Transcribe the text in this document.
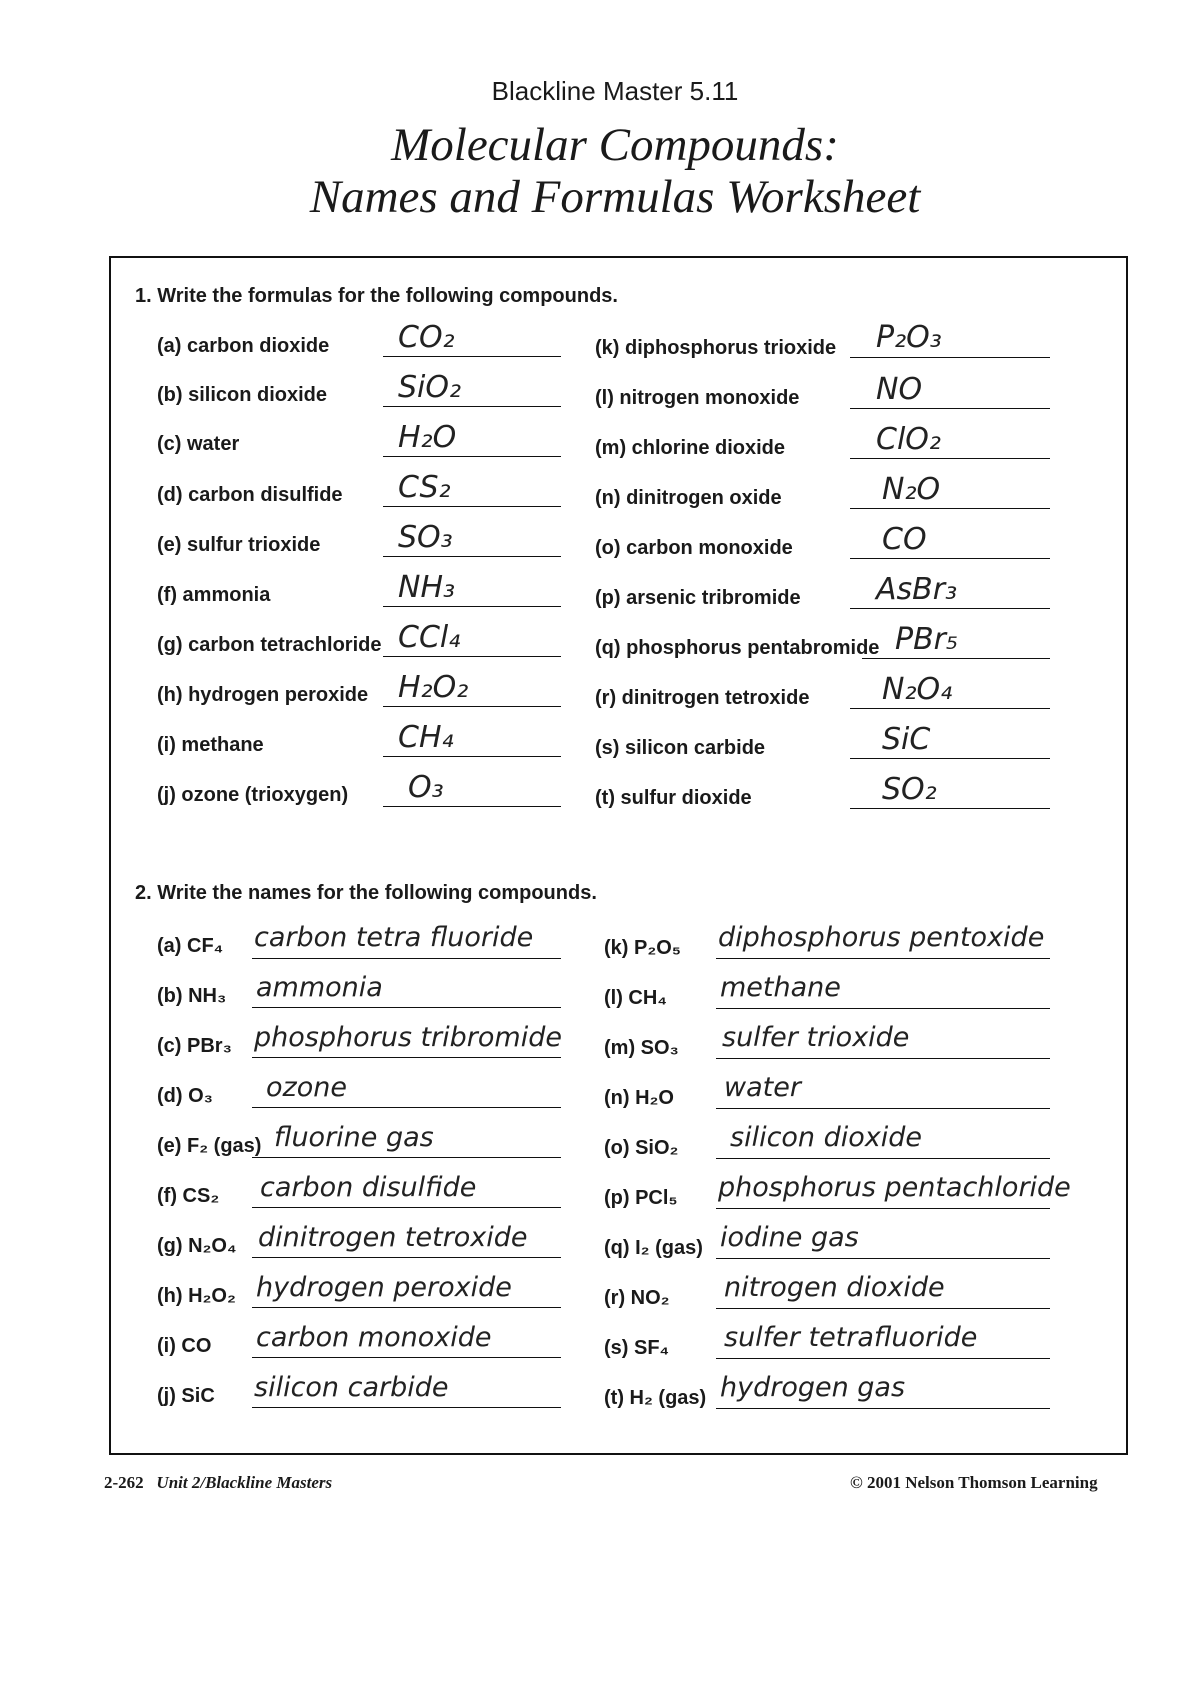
Blackline Master 5.11
Molecular Compounds:
Names and Formulas Worksheet
1. Write the formulas for the following compounds.
(a) carbon dioxide CO₂
(b) silicon dioxide SiO₂
(c) water	H₂O
(d) carbon disulfide CS₂
(e) sulfur trioxide	SO₃
(f) ammonia	NH₃
(g) carbon tetrachloride CCl₄
(h) hydrogen peroxide H₂O₂
(i) methane	CH₄
(j) ozone (trioxygen) O₃
(k) diphosphorus trioxide P₂O₃
(l) nitrogen monoxide	NO
(m) chlorine dioxide	ClO₂
(n) dinitrogen oxide	N₂O
(o) carbon monoxide	CO
(p) arsenic tribromide	AsBr₃
(q) phosphorus pentabromide PBr₅
(r) dinitrogen tetroxide N₂O₄
(s) silicon carbide	SiC
(t) sulfur dioxide	SO₂
2. Write the names for the following compounds.
(a) CF₄ carbon tetra fluoride
(b) NH₃ ammonia
(c) PBr₃ phosphorus tribromide
(d) O₃ ozone
(e) F₂ (gas) fluorine gas
(f) CS₂ carbon disulfide
(g) N₂O₄ dinitrogen tetroxide
(h) H₂O₂ hydrogen peroxide
(i) CO carbon monoxide
(j) SiC silicon carbide
(k) P₂O₅ diphosphorus pentoxide
(l) CH₄ methane
(m) SO₃ sulfer trioxide
(n) H₂O water
(o) SiO₂ silicon dioxide
(p) PCl₅ phosphorus pentachloride
(q) I₂ (gas) iodine gas
(r) NO₂ nitrogen dioxide
(s) SF₄ sulfer tetrafluoride
(t) H₂ (gas) hydrogen gas
2-262 Unit 2/Blackline Masters	© 2001 Nelson Thomson Learning
